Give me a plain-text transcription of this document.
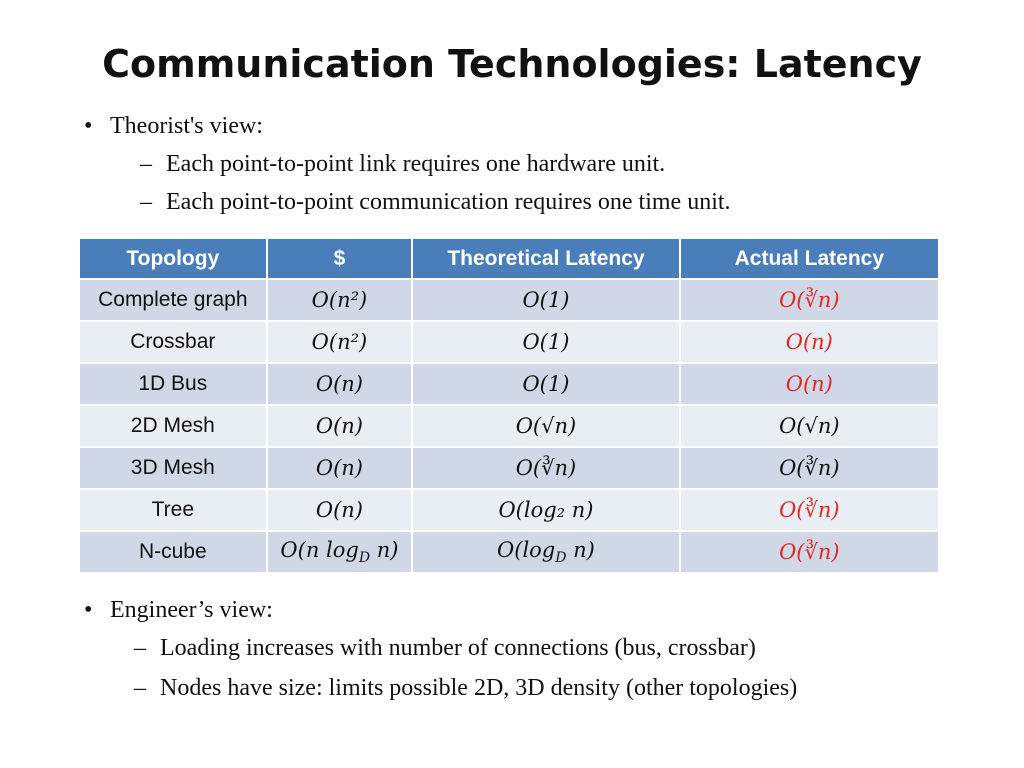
Communication Technologies: Latency
• Theorist's view:
– Each point-to-point link requires one hardware unit.
– Each point-to-point communication requires one time unit.
Topology	$	Theoretical Latency	Actual Latency
Complete graph	O(n²)	O(1)	O(∛n)
Crossbar	O(n²)	O(1)	O(n)
1D Bus	O(n)	O(1)	O(n)
2D Mesh	O(n)	O(√n)	O(√n)
3D Mesh	O(n)	O(∛n)	O(∛n)
Tree	O(n)	O(log₂ n)	O(∛n)
N-cube	O(n $\log_D n$)	$O(\log_D$ n)	O(∛n)
• Engineer’s view:
– Loading increases with number of connections (bus, crossbar)
– Nodes have size: limits possible 2D, 3D density (other topologies)
